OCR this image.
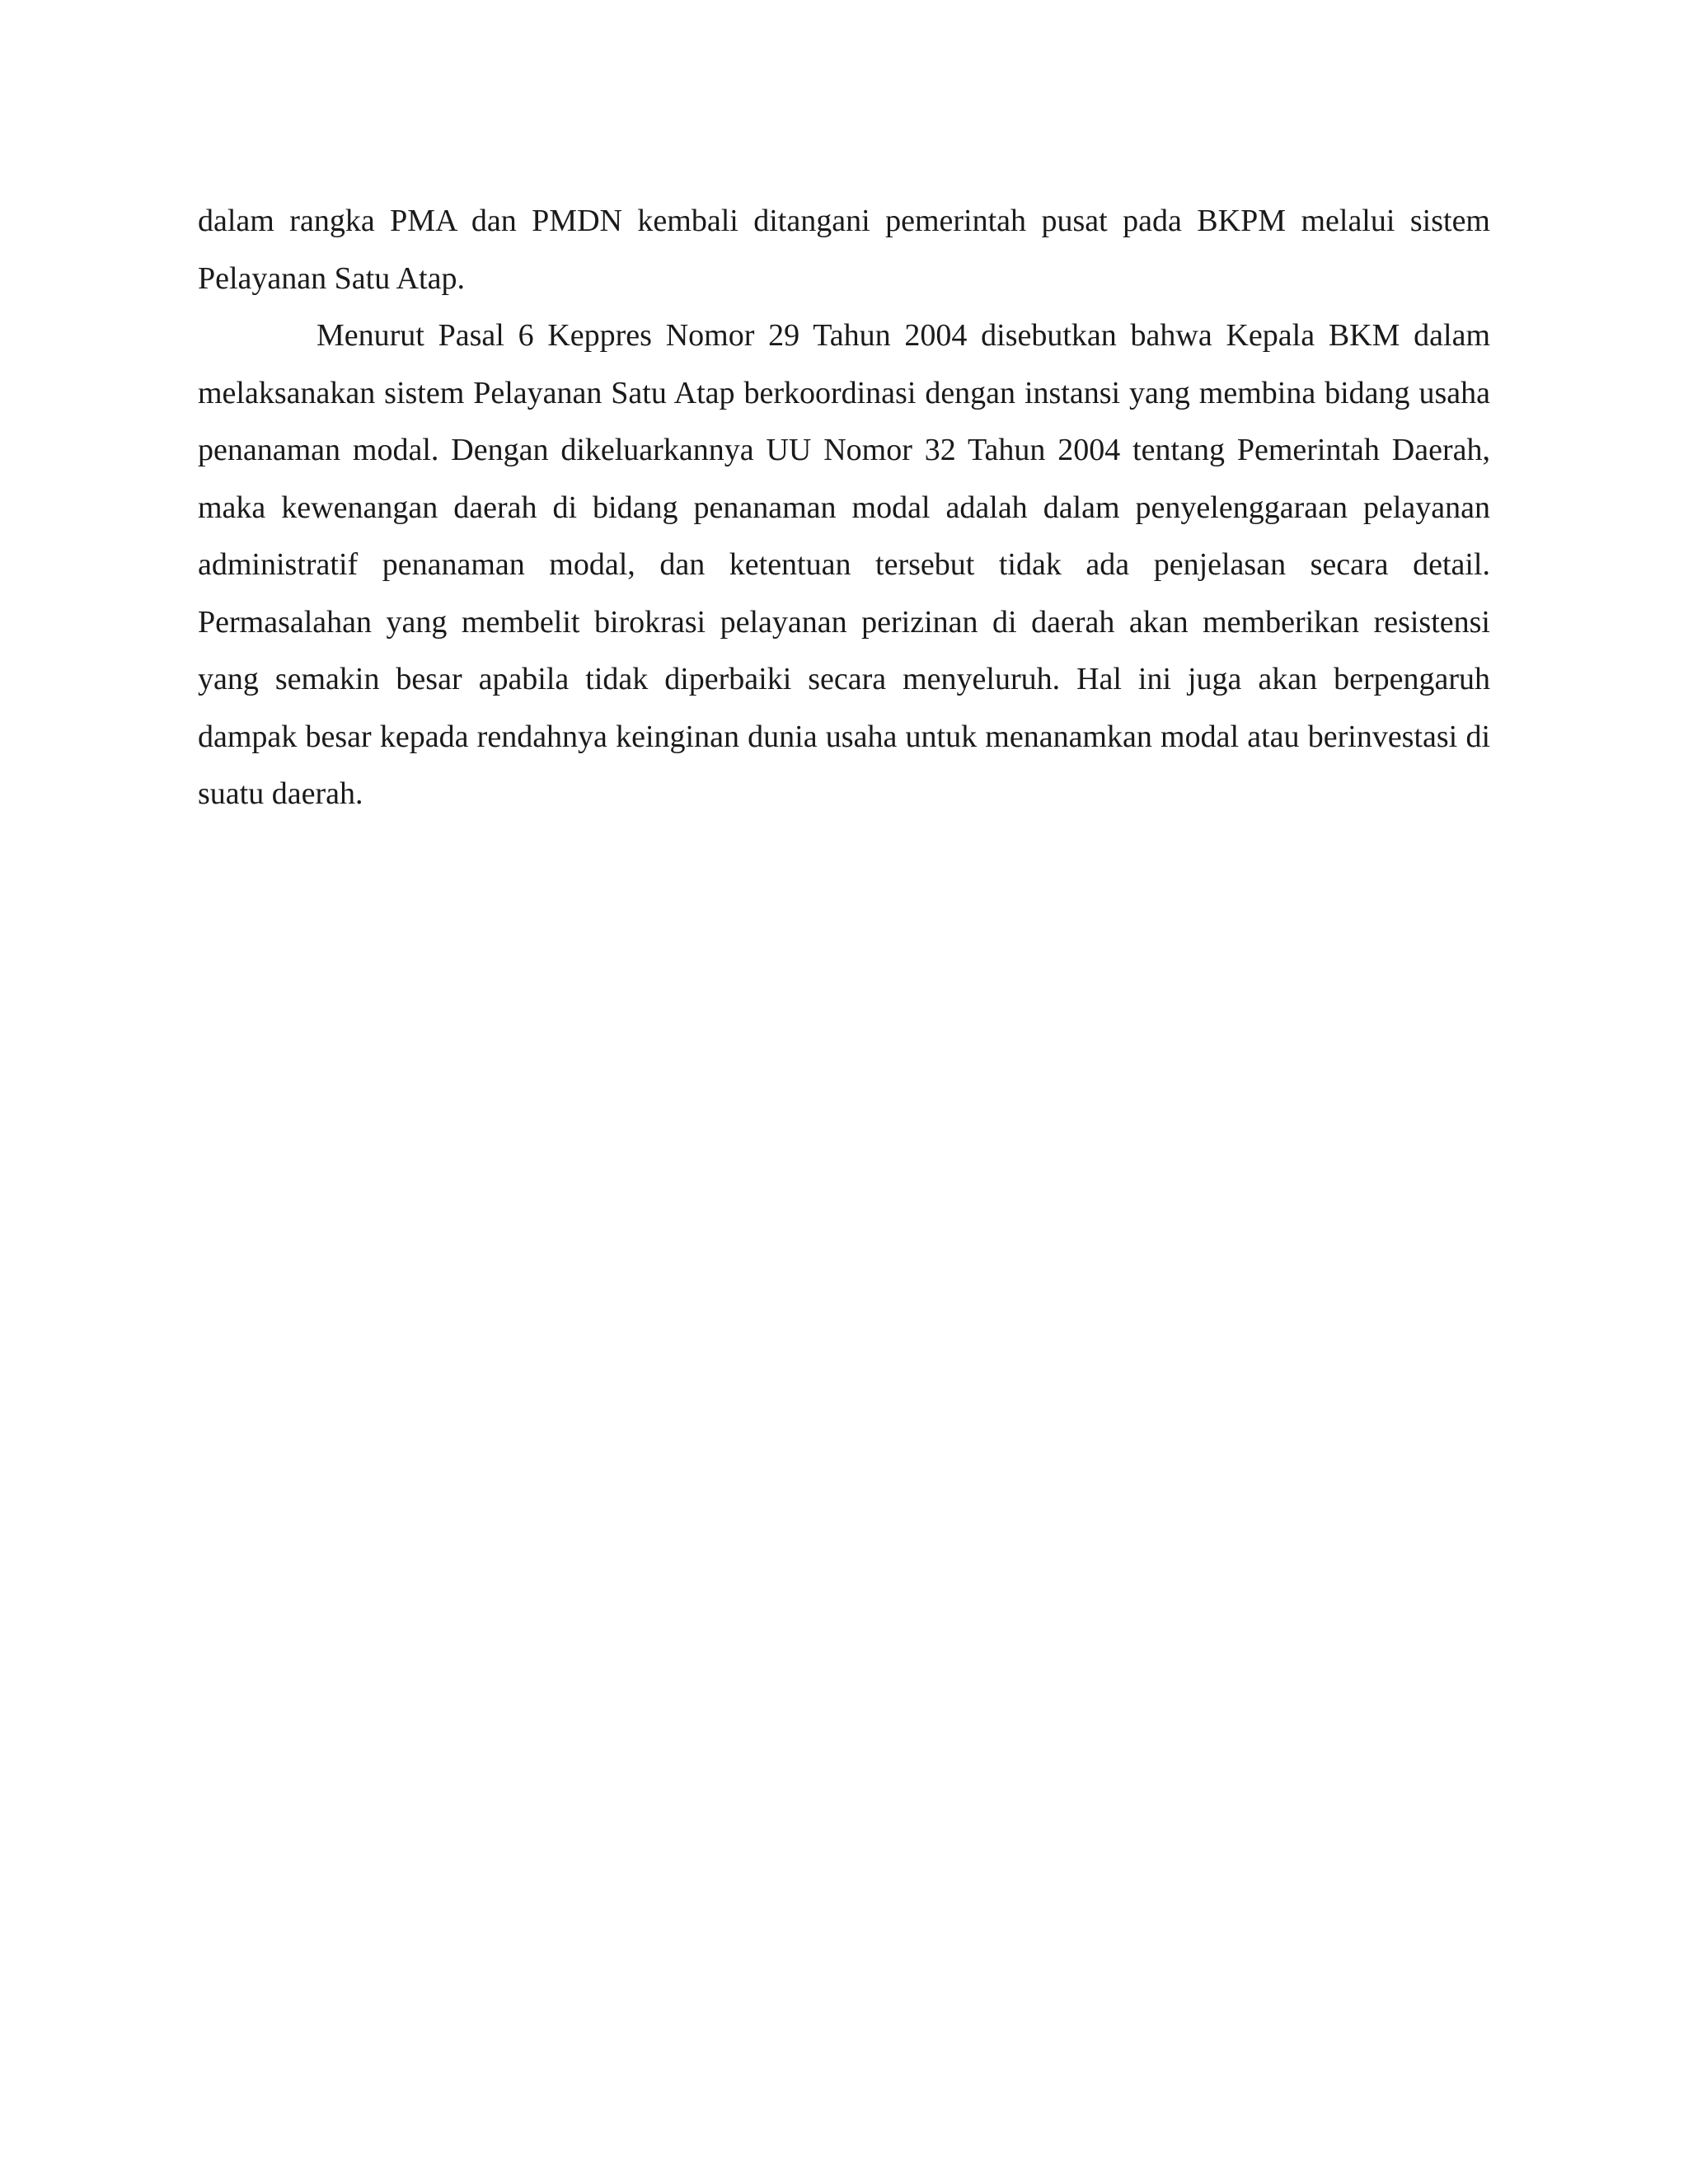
dalam rangka PMA dan PMDN kembali ditangani pemerintah pusat pada BKPM melalui sistem Pelayanan Satu Atap.

Menurut Pasal 6 Keppres Nomor 29 Tahun 2004 disebutkan bahwa Kepala BKM dalam melaksanakan sistem Pelayanan Satu Atap berkoordinasi dengan instansi yang membina bidang usaha penanaman modal. Dengan dikeluarkannya UU Nomor 32 Tahun 2004 tentang Pemerintah Daerah, maka kewenangan daerah di bidang penanaman modal adalah dalam penyelenggaraan pelayanan administratif penanaman modal, dan ketentuan tersebut tidak ada penjelasan secara detail. Permasalahan yang membelit birokrasi pelayanan perizinan di daerah akan memberikan resistensi yang semakin besar apabila tidak diperbaiki secara menyeluruh. Hal ini juga akan berpengaruh dampak besar kepada rendahnya keinginan dunia usaha untuk menanamkan modal atau berinvestasi di suatu daerah.
